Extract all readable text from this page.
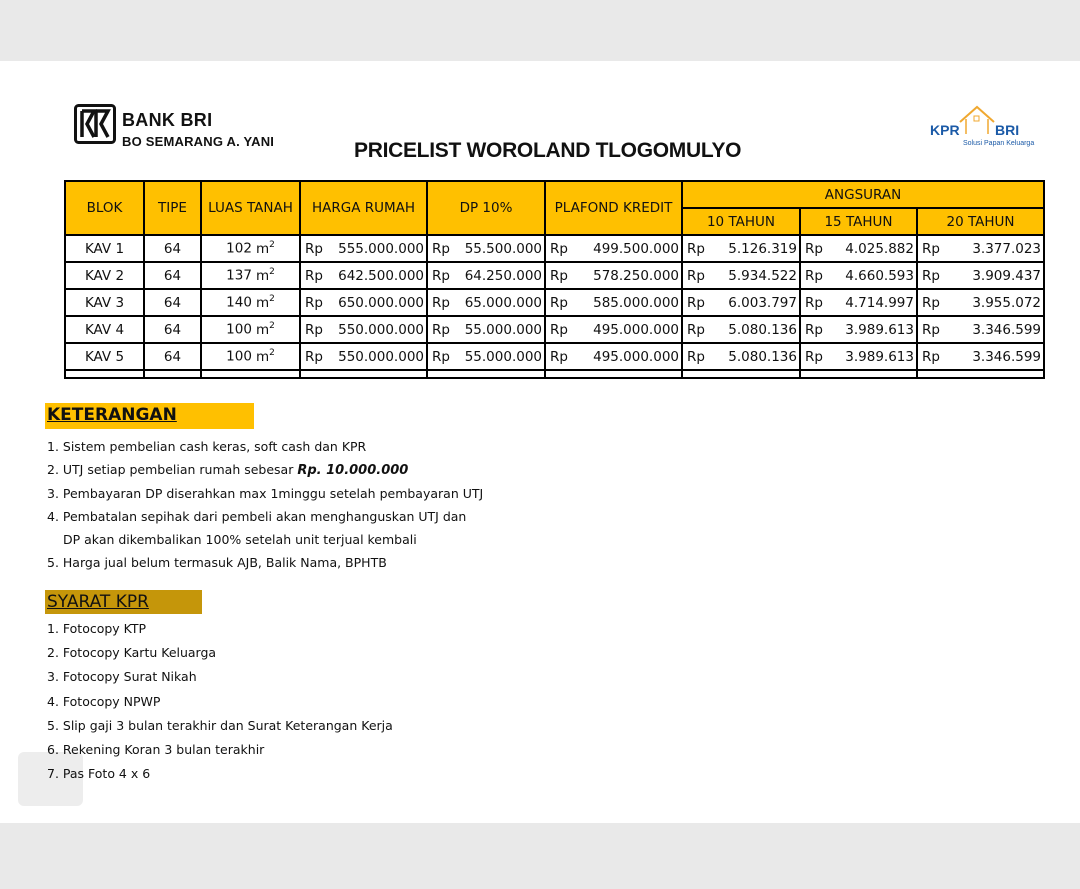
BANK BRI
BO SEMARANG A. YANI	PRICELIST WOROLAND TLOGOMULYO
KPR	BRI
Solusi Papan Keluarga
BLOK	TIPE	LUAS TANAH	HARGA RUMAH	DP 10%	PLAFOND KREDIT	ANGSURAN		
						10 TAHUN	15 TAHUN	20 TAHUN
KAV 1	64	102 $m^2$	Rp 555.000.000	Rp 55.500.000	Rp 499.500.000	Rp 5.126.319	Rp 4.025.882	Rp 3.377.023

KAV 2	64	137 $m^2$	Rp 642.500.000	Rp 64.250.000	Rp 578.250.000	Rp 5.934.522	Rp 4.660.593	Rp 3.909.437

KAV 3	64	140 $m^2$	Rp 650.000.000	Rp 65.000.000	Rp 585.000.000	Rp 6.003.797	Rp 4.714.997	Rp 3.955.072

KAV 4	64	100 $m^2$	Rp 550.000.000	Rp 55.000.000	Rp 495.000.000	Rp 5.080.136	Rp 3.989.613	Rp 3.346.599

KAV 5	64	100 $m^2$	Rp 550.000.000	Rp 55.000.000	Rp 495.000.000	Rp 5.080.136	Rp 3.989.613	Rp 3.346.599

KETERANGAN
1. Sistem pembelian cash keras, soft cash dan KPR
2. UTJ setiap pembelian rumah sebesar Rp. 10.000.000
3. Pembayaran DP diserahkan max 1minggu setelah pembayaran UTJ
4. Pembatalan sepihak dari pembeli akan menghanguskan UTJ dan
DP akan dikembalikan 100% setelah unit terjual kembali
5. Harga jual belum termasuk AJB, Balik Nama, BPHTB
SYARAT KPR
1. Fotocopy KTP
2. Fotocopy Kartu Keluarga
3. Fotocopy Surat Nikah
4. Fotocopy NPWP
5. Slip gaji 3 bulan terakhir dan Surat Keterangan Kerja
6. Rekening Koran 3 bulan terakhir
7. Pas Foto 4 x 6
